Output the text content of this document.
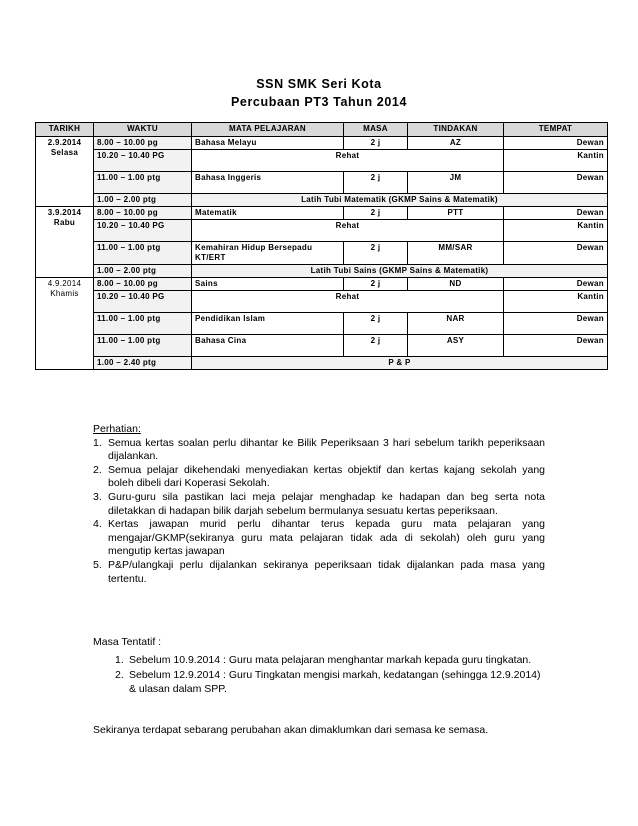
SSN SMK Seri Kota
Percubaan PT3 Tahun 2014
TARIKH	WAKTU	MATA PELAJARAN	MASA	TINDAKAN	TEMPAT

2.9.2014
Selasa	8.00 – 10.00 pg	Bahasa Melayu	2 j	AZ	Dewan
	10.20 – 10.40 PG	Rehat			Kantin
	11.00 – 1.00 ptg	Bahasa Inggeris	2 j	JM	Dewan
	1.00 – 2.00 ptg	Latih Tubi Matematik (GKMP Sains & Matematik)			

3.9.2014
Rabu	8.00 – 10.00 pg	Matematik	2 j	PTT	Dewan
	10.20 – 10.40 PG	Rehat			Kantin
	11.00 – 1.00 ptg	Kemahiran Hidup Bersepadu KT/ERT	2 j	MM/SAR	Dewan
	1.00 – 2.00 ptg	Latih Tubi Sains (GKMP Sains & Matematik)			

4.9.2014
Khamis	8.00 – 10.00 pg	Sains	2 j	ND	Dewan
	10.20 – 10.40 PG	Rehat			Kantin
	11.00 – 1.00 ptg	Pendidikan Islam	2 j	NAR	Dewan
	11.00 – 1.00 ptg	Bahasa Cina	2 j	ASY	Dewan
	1.00 – 2.40 ptg	P & P			
Perhatian:
1. Semua kertas soalan perlu dihantar ke Bilik Peperiksaan 3 hari sebelum tarikh peperiksaan dijalankan.
2. Semua pelajar dikehendaki menyediakan kertas objektif dan kertas kajang sekolah yang boleh dibeli dari Koperasi Sekolah.
3. Guru-guru sila pastikan laci meja pelajar menghadap ke hadapan dan beg serta nota diletakkan di hadapan bilik darjah sebelum bermulanya sesuatu kertas peperiksaan.
4. Kertas jawapan murid perlu dihantar terus kepada guru mata pelajaran yang mengajar/GKMP(sekiranya guru mata pelajaran tidak ada di sekolah) oleh guru yang mengutip kertas jawapan
5. P&P/ulangkaji perlu dijalankan sekiranya peperiksaan tidak dijalankan pada masa yang tertentu.
Masa Tentatif :
1. Sebelum 10.9.2014 : Guru mata pelajaran menghantar markah kepada guru tingkatan.
2. Sebelum 12.9.2014 : Guru Tingkatan mengisi markah, kedatangan (sehingga 12.9.2014) & ulasan dalam SPP.
Sekiranya terdapat sebarang perubahan akan dimaklumkan dari semasa ke semasa.
